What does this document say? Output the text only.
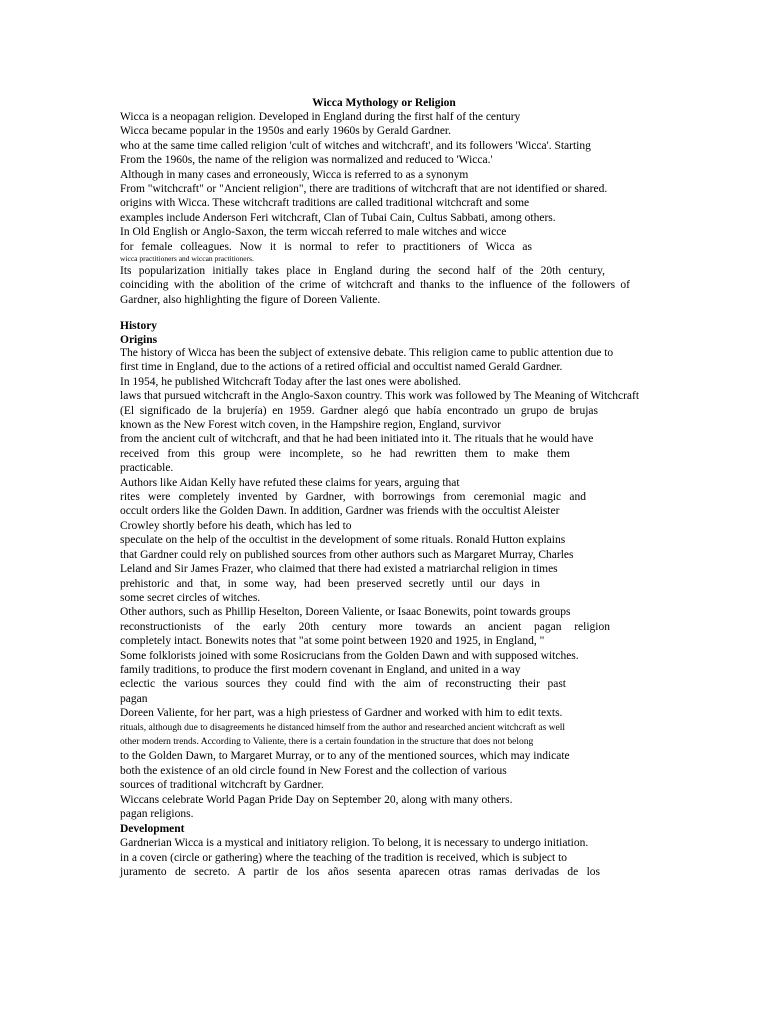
Wicca Mythology or Religion
Wicca is a neopagan religion. Developed in England during the first half of the century
Wicca became popular in the 1950s and early 1960s by Gerald Gardner.
who at the same time called religion 'cult of witches and witchcraft', and its followers 'Wicca'. Starting
From the 1960s, the name of the religion was normalized and reduced to 'Wicca.'
Although in many cases and erroneously, Wicca is referred to as a synonym
From "witchcraft" or "Ancient religion", there are traditions of witchcraft that are not identified or shared.
origins with Wicca. These witchcraft traditions are called traditional witchcraft and some
examples include Anderson Feri witchcraft, Clan of Tubai Cain, Cultus Sabbati, among others.
In Old English or Anglo-Saxon, the term wiccah referred to male witches and wicce
for female colleagues. Now it is normal to refer to practitioners of Wicca as
wicca practitioners and wiccan practitioners.
Its popularization initially takes place in England during the second half of the 20th century,
coinciding with the abolition of the crime of witchcraft and thanks to the influence of the followers of
Gardner, also highlighting the figure of Doreen Valiente.
History
Origins
The history of Wicca has been the subject of extensive debate. This religion came to public attention due to
first time in England, due to the actions of a retired official and occultist named Gerald Gardner.
In 1954, he published Witchcraft Today after the last ones were abolished.
laws that pursued witchcraft in the Anglo-Saxon country. This work was followed by The Meaning of Witchcraft
(El significado de la brujería) en 1959. Gardner alegó que había encontrado un grupo de brujas
known as the New Forest witch coven, in the Hampshire region, England, survivor
from the ancient cult of witchcraft, and that he had been initiated into it. The rituals that he would have
received from this group were incomplete, so he had rewritten them to make them
practicable.
Authors like Aidan Kelly have refuted these claims for years, arguing that
rites were completely invented by Gardner, with borrowings from ceremonial magic and
occult orders like the Golden Dawn. In addition, Gardner was friends with the occultist Aleister
Crowley shortly before his death, which has led to
speculate on the help of the occultist in the development of some rituals. Ronald Hutton explains
that Gardner could rely on published sources from other authors such as Margaret Murray, Charles
Leland and Sir James Frazer, who claimed that there had existed a matriarchal religion in times
prehistoric and that, in some way, had been preserved secretly until our days in
some secret circles of witches.
Other authors, such as Phillip Heselton, Doreen Valiente, or Isaac Bonewits, point towards groups
reconstructionists of the early 20th century more towards an ancient pagan religion
completely intact. Bonewits notes that "at some point between 1920 and 1925, in England, "
Some folklorists joined with some Rosicrucians from the Golden Dawn and with supposed witches.
family traditions, to produce the first modern covenant in England, and united in a way
eclectic the various sources they could find with the aim of reconstructing their past
pagan
Doreen Valiente, for her part, was a high priestess of Gardner and worked with him to edit texts.
rituals, although due to disagreements he distanced himself from the author and researched ancient witchcraft as well
other modern trends. According to Valiente, there is a certain foundation in the structure that does not belong
to the Golden Dawn, to Margaret Murray, or to any of the mentioned sources, which may indicate
both the existence of an old circle found in New Forest and the collection of various
sources of traditional witchcraft by Gardner.
Wiccans celebrate World Pagan Pride Day on September 20, along with many others.
pagan religions.
Development
Gardnerian Wicca is a mystical and initiatory religion. To belong, it is necessary to undergo initiation.
in a coven (circle or gathering) where the teaching of the tradition is received, which is subject to
juramento de secreto. A partir de los años sesenta aparecen otras ramas derivadas de los
